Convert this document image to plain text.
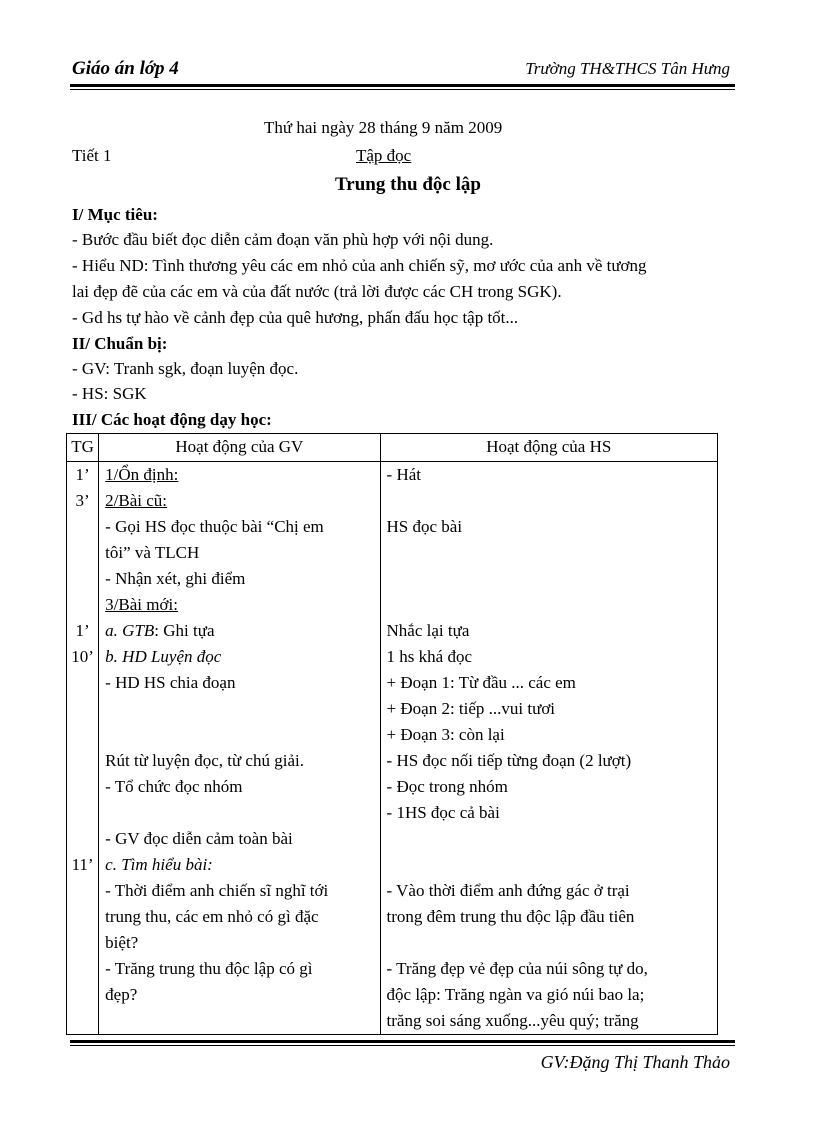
Giáo án lớp 4	Trường TH&THCS Tân Hưng
Thứ hai ngày 28 tháng 9 năm 2009
Tiết 1	Tập đọc
Trung thu độc lập
I/ Mục tiêu:
- Bước đầu biết đọc diễn cảm đoạn văn phù hợp với nội dung.
- Hiểu ND: Tình thương yêu các em nhỏ của anh chiến sỹ, mơ ước của anh về tương
lai đẹp đẽ của các em và của đất nước (trả lời được các CH trong SGK).
- Gd hs tự hào về cảnh đẹp của quê hương, phấn đấu học tập tốt...
II/ Chuẩn bị:
- GV: Tranh sgk, đoạn luyện đọc.
- HS: SGK
III/ Các hoạt động dạy học:
TG	Hoạt động của GV	Hoạt động của HS

1’	1/Ổn định:	- Hát

3’	2/Bài cũ:	

	- Gọi HS đọc thuộc bài “Chị em	HS đọc bài

	tôi” và TLCH	

	- Nhận xét, ghi điểm	

	3/Bài mới:	

1’	a. GTB: Ghi tựa	Nhắc lại tựa

10’	b. HD Luyện đọc	1 hs khá đọc

	- HD HS chia đoạn	+ Đoạn 1: Từ đầu ... các em

		+ Đoạn 2: tiếp ...vui tươi

		+ Đoạn 3: còn lại

	Rút từ luyện đọc, từ chú giải.	- HS đọc nối tiếp từng đoạn (2 lượt)

	- Tổ chức đọc nhóm	- Đọc trong nhóm

		- 1HS đọc cả bài

	- GV đọc diễn cảm toàn bài	

11’	c. Tìm hiểu bài:	

	- Thời điểm anh chiến sĩ nghĩ tới	- Vào thời điểm anh đứng gác ở trại

	trung thu, các em nhỏ có gì đặc	trong đêm trung thu độc lập đầu tiên

	biệt?	

	- Trăng trung thu độc lập có gì	- Trăng đẹp vẻ đẹp của núi sông tự do,

	đẹp?	độc lập: Trăng ngàn va gió núi bao la;

		trăng soi sáng xuống...yêu quý; trăng
GV:Đặng Thị Thanh Thảo
